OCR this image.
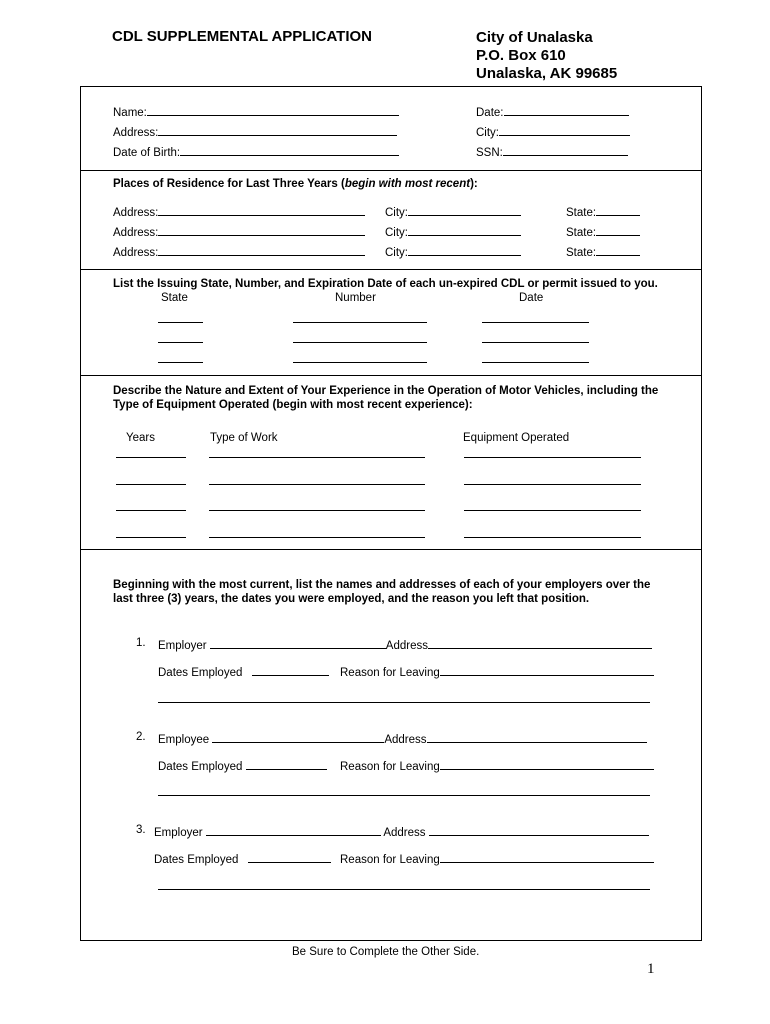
CDL SUPPLEMENTAL APPLICATION	City of Unalaska
P.O. Box 610
Unalaska, AK 99685
Name:	Date:
Address:	City:
Date of Birth:	SSN:
Places of Residence for Last Three Years (begin with most recent):
Address:	City:	State:
Address:	City:	State:
Address:	City:	State:
List the Issuing State, Number, and Expiration Date of each un-expired CDL or permit issued to you.
State	Number	Date
Describe the Nature and Extent of Your Experience in the Operation of Motor Vehicles, including the
Type of Equipment Operated (begin with most recent experience):
Years	Type of Work	Equipment Operated
Beginning with the most current, list the names and addresses of each of your employers over the
last three (3) years, the dates you were employed, and the reason you left that position.
1. Employer	Address
Dates Employed	Reason for Leaving
2. Employee	Address
Dates Employed	Reason for Leaving
3. Employer	Address
Dates Employed	Reason for Leaving
Be Sure to Complete the Other Side.
1
